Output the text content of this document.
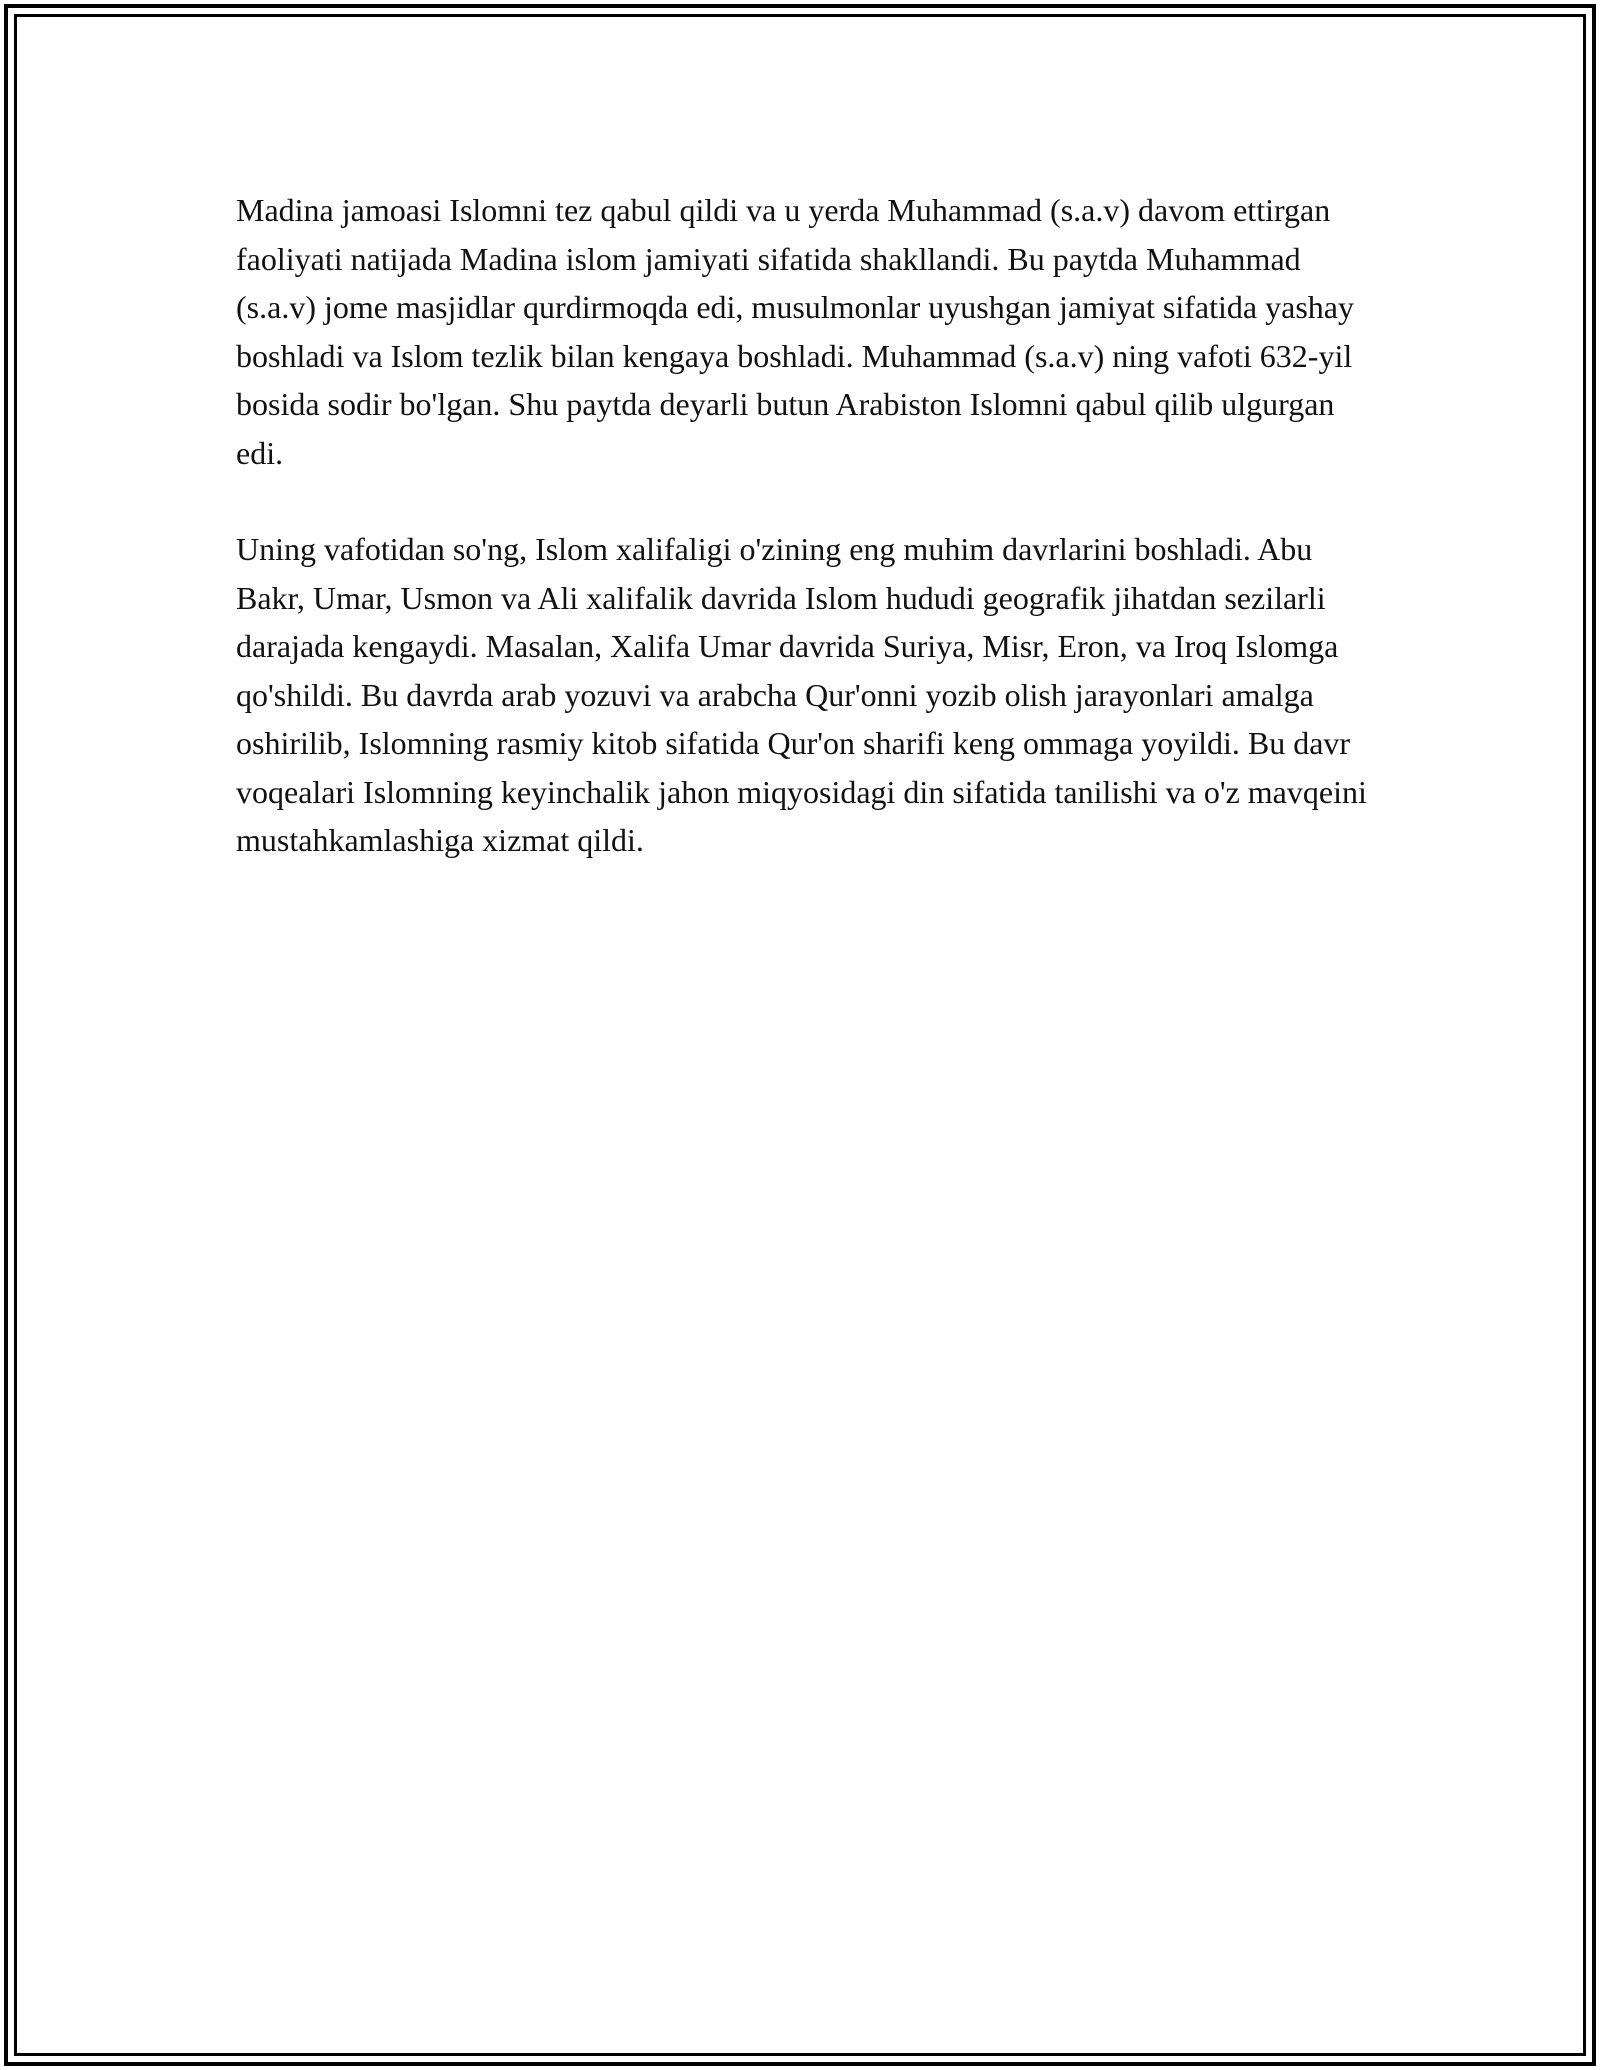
Madina jamoasi Islomni tez qabul qildi va u yerda Muhammad (s.a.v) davom ettirgan faoliyati natijada Madina islom jamiyati sifatida shakllandi. Bu paytda Muhammad (s.a.v) jome masjidlar qurdirmoqda edi, musulmonlar uyushgan jamiyat sifatida yashay boshladi va Islom tezlik bilan kengaya boshladi. Muhammad (s.a.v) ning vafoti 632-yil bosida sodir bo'lgan. Shu paytda deyarli butun Arabiston Islomni qabul qilib ulgurgan edi.

Uning vafotidan so'ng, Islom xalifaligi o'zining eng muhim davrlarini boshladi. Abu Bakr, Umar, Usmon va Ali xalifalik davrida Islom hududi geografik jihatdan sezilarli darajada kengaydi. Masalan, Xalifa Umar davrida Suriya, Misr, Eron, va Iroq Islomga qo'shildi. Bu davrda arab yozuvi va arabcha Qur'onni yozib olish jarayonlari amalga oshirilib, Islomning rasmiy kitob sifatida Qur'on sharifi keng ommaga yoyildi. Bu davr voqealari Islomning keyinchalik jahon miqyosidagi din sifatida tanilishi va o'z mavqeini mustahkamlashiga xizmat qildi.
